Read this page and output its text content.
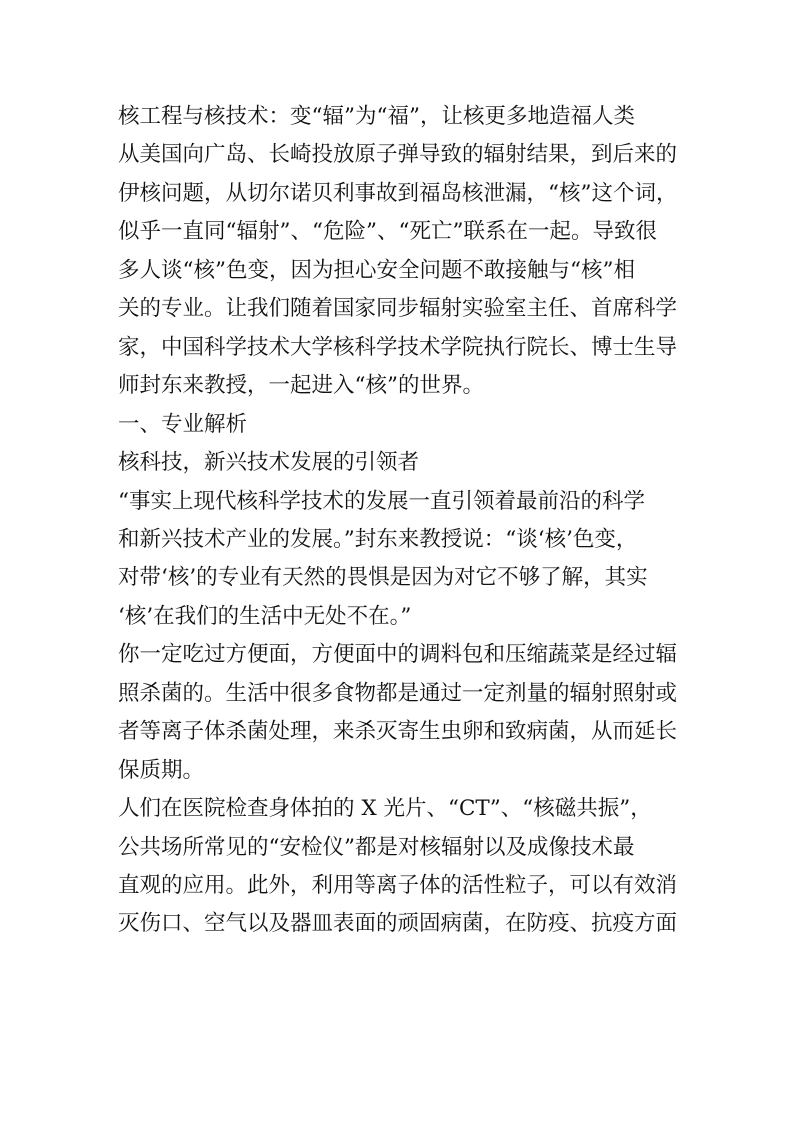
核工程与核技术：变“辐”为“福”，让核更多地造福人类
从美国向广岛、长崎投放原子弹导致的辐射结果，到后来的
伊核问题，从切尔诺贝利事故到福岛核泄漏，“核”这个词，
似乎一直同“辐射”、“危险”、“死亡”联系在一起。导致很
多人谈“核”色变，因为担心安全问题不敢接触与“核”相
关的专业。让我们随着国家同步辐射实验室主任、首席科学
家，中国科学技术大学核科学技术学院执行院长、博士生导
师封东来教授，一起进入“核”的世界。
一、专业解析
核科技，新兴技术发展的引领者
“事实上现代核科学技术的发展一直引领着最前沿的科学
和新兴技术产业的发展。”封东来教授说：“谈‘核’色变，
对带‘核’的专业有天然的畏惧是因为对它不够了解，其实
‘核’在我们的生活中无处不在。”
你一定吃过方便面，方便面中的调料包和压缩蔬菜是经过辐
照杀菌的。生活中很多食物都是通过一定剂量的辐射照射或
者等离子体杀菌处理，来杀灭寄生虫卵和致病菌，从而延长
保质期。
人们在医院检查身体拍的 X 光片、“CT”、“核磁共振”，
公共场所常见的“安检仪”都是对核辐射以及成像技术最
直观的应用。此外，利用等离子体的活性粒子，可以有效消
灭伤口、空气以及器皿表面的顽固病菌，在防疫、抗疫方面
